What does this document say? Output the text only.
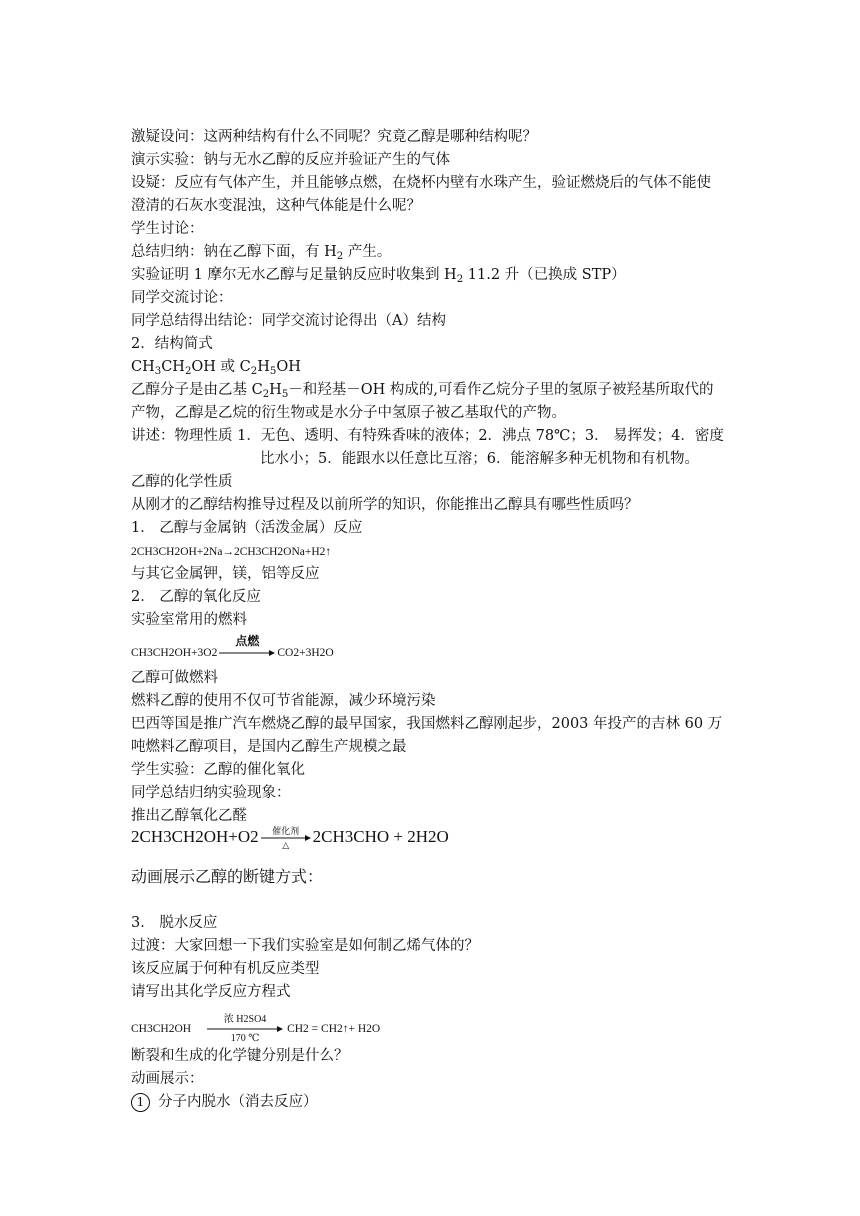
激疑设问：这两种结构有什么不同呢？究竟乙醇是哪种结构呢？
演示实验：钠与无水乙醇的反应并验证产生的气体
设疑：反应有气体产生，并且能够点燃，在烧杯内壁有水珠产生，验证燃烧后的气体不能使
澄清的石灰水变混浊，这种气体能是什么呢？
学生讨论：
总结归纳：钠在乙醇下面，有 $H_2$ 产生。
实验证明 1 摩尔无水乙醇与足量钠反应时收集到 $H_2$ 11.2 升（已换成 STP）
同学交流讨论：
同学总结得出结论：同学交流讨论得出（A）结构
2．结构简式
$CH_3CH_2OH$ 或 $C_2H_5OH$
乙醇分子是由乙基 $C_2H_5-$和羟基－OH 构成的,可看作乙烷分子里的氢原子被羟基所取代的
产物，乙醇是乙烷的衍生物或是水分子中氢原子被乙基取代的产物。
讲述：物理性质 1．无色、透明、有特殊香味的液体；2．沸点 78℃；3． 易挥发；4．密度
比水小；5．能跟水以任意比互溶；6．能溶解多种无机物和有机物。
乙醇的化学性质
从刚才的乙醇结构推导过程及以前所学的知识，你能推出乙醇具有哪些性质吗？
1． 乙醇与金属钠（活泼金属）反应
2CH3CH2OH+2Na→2CH3CH2ONa+H2↑
与其它金属钾，镁，铝等反应
2． 乙醇的氧化反应
实验室常用的燃料
CH3CH2OH+3O2
点燃
CO2+3H2O
乙醇可做燃料
燃料乙醇的使用不仅可节省能源，减少环境污染
巴西等国是推广汽车燃烧乙醇的最早国家，我国燃料乙醇刚起步，2003 年投产的吉林 60 万
吨燃料乙醇项目，是国内乙醇生产规模之最
学生实验：乙醇的催化氧化
同学总结归纳实验现象：
推出乙醇氧化乙醛
2CH3CH2OH+O2	催化剂
△	2CH3CHO + 2H2O
动画展示乙醇的断键方式：
3． 脱水反应
过渡：大家回想一下我们实验室是如何制乙烯气体的？
该反应属于何种有机反应类型
请写出其化学反应方程式
CH3CH2OH
浓 H2SO4
170 ℃
CH2 = CH2↑+ H2O
断裂和生成的化学键分别是什么？
动画展示：
1 分子内脱水（消去反应）
